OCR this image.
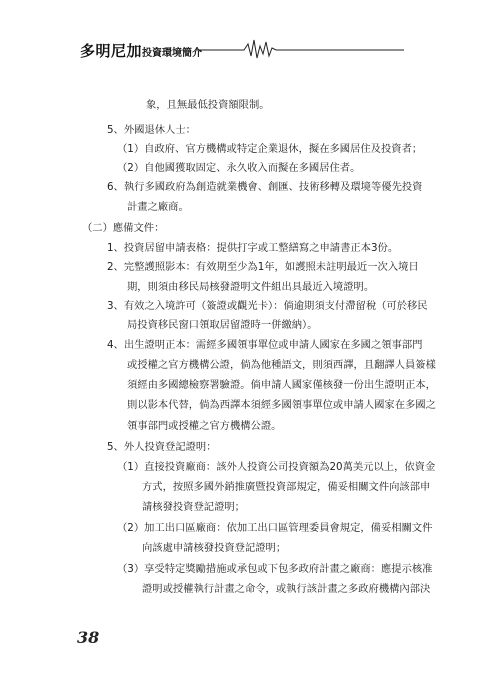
多明尼加投資環境簡介
象，且無最低投資額限制。
5、外國退休人士：
（1）自政府、官方機構或特定企業退休，擬在多國居住及投資者；
（2）自他國獲取固定、永久收入而擬在多國居住者。
6、執行多國政府為創造就業機會、創匯、技術移轉及環境等優先投資
計畫之廠商。
（二）應備文件：
1、投資居留申請表格：提供打字或工整繕寫之申請書正本3份。
2、完整護照影本：有效期至少為1年，如護照未註明最近一次入境日
期，則須由移民局核發證明文件組出具最近入境證明。
3、有效之入境許可（簽證或觀光卡）：倘逾期須支付滯留稅（可於移民
局投資移民窗口領取居留證時一併繳納）。
4、出生證明正本：需經多國領事單位或申請人國家在多國之領事部門
或授權之官方機構公證，倘為他種語文，則須西譯，且翻譯人員簽樣
須經由多國總檢察署驗證。倘申請人國家僅核發一份出生證明正本，
則以影本代替，倘為西譯本須經多國領事單位或申請人國家在多國之
領事部門或授權之官方機構公證。
5、外人投資登記證明：
（1）直接投資廠商：該外人投資公司投資額為20萬美元以上，依資金
方式，按照多國外銷推廣暨投資部規定，備妥相關文件向該部申
請核發投資登記證明；
（2）加工出口區廠商：依加工出口區管理委員會規定，備妥相關文件
向該處申請核發投資登記證明；
（3）享受特定獎勵措施或承包或下包多政府計畫之廠商：應提示核准
證明或授權執行計畫之命令，或執行該計畫之多政府機構內部決
38
